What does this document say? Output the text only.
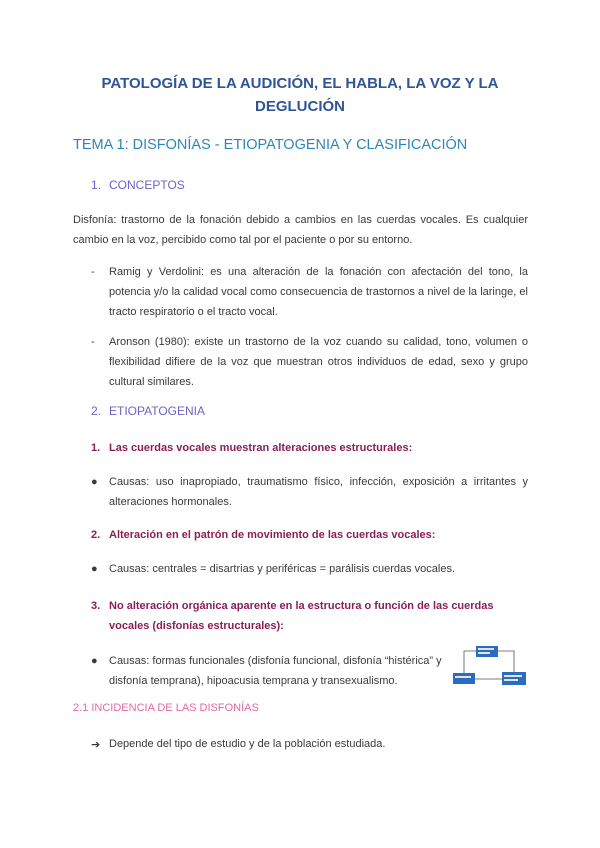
PATOLOGÍA DE LA AUDICIÓN, EL HABLA, LA VOZ Y LA DEGLUCIÓN
TEMA 1: DISFONÍAS - ETIOPATOGENIA Y CLASIFICACIÓN
1. CONCEPTOS
Disfonía: trastorno de la fonación debido a cambios en las cuerdas vocales. Es cualquier cambio en la voz, percibido como tal por el paciente o por su entorno.
- Ramig y Verdolini: es una alteración de la fonación con afectación del tono, la potencia y/o la calidad vocal como consecuencia de trastornos a nivel de la laringe, el tracto respiratorio o el tracto vocal.
- Aronson (1980): existe un trastorno de la voz cuando su calidad, tono, volumen o flexibilidad difiere de la voz que muestran otros individuos de edad, sexo y grupo cultural similares.
2. ETIOPATOGENIA
1. Las cuerdas vocales muestran alteraciones estructurales:
● Causas: uso inapropiado, traumatismo físico, infección, exposición a irritantes y alteraciones hormonales.
2. Alteración en el patrón de movimiento de las cuerdas vocales:
● Causas: centrales = disartrias y periféricas = parálisis cuerdas vocales.
3. No alteración orgánica aparente en la estructura o función de las cuerdas vocales (disfonías estructurales):
● Causas: formas funcionales (disfonía funcional, disfonía “histérica” y disfonía temprana), hipoacusia temprana y transexualismo.
2.1 INCIDENCIA DE LAS DISFONÍAS
➔ Depende del tipo de estudio y de la población estudiada.
